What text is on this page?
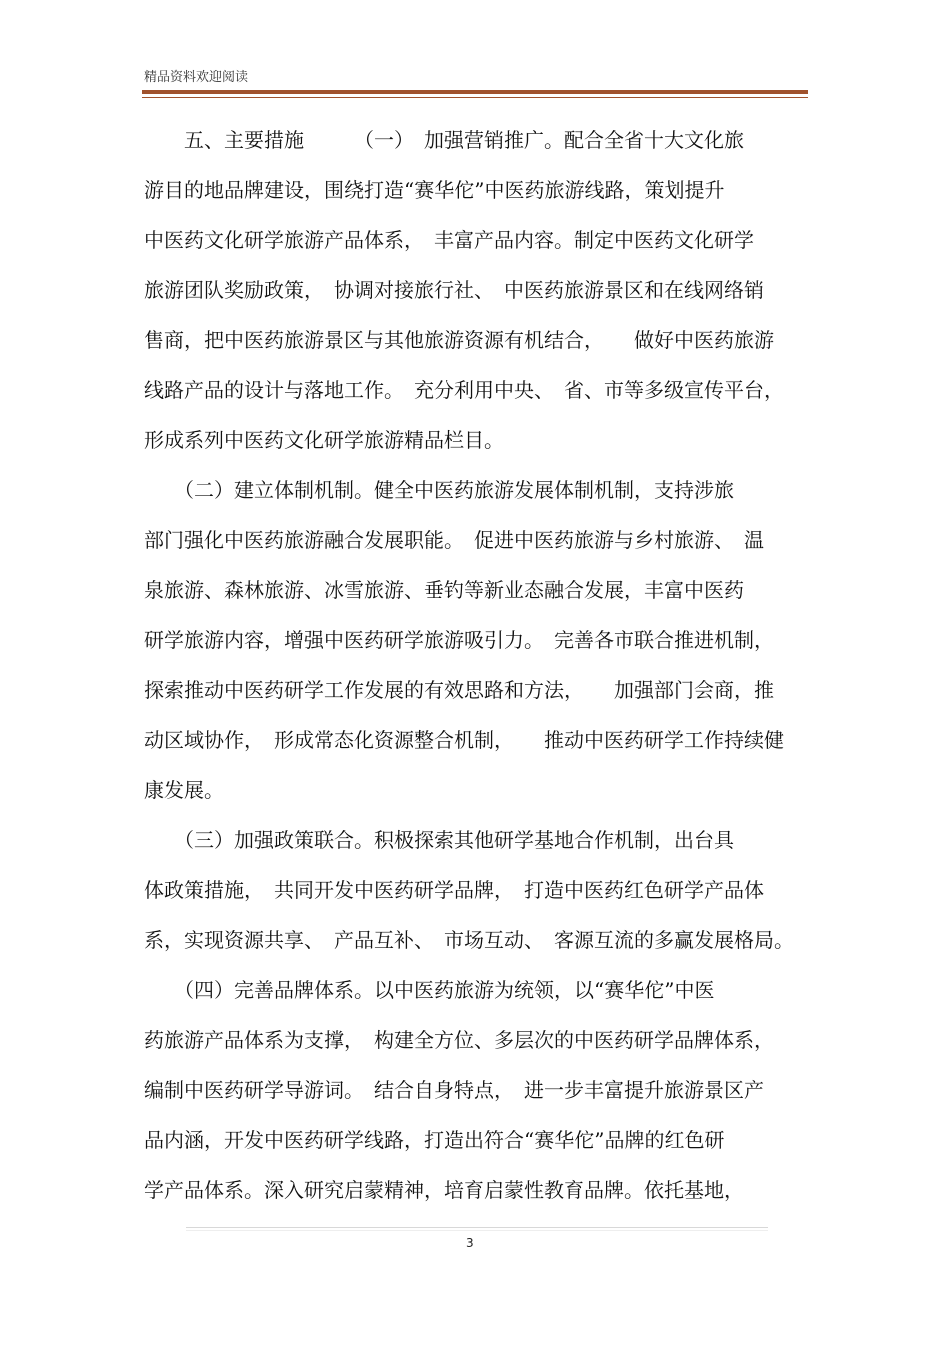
精品资料欢迎阅读
　　五、主要措施　　　（一）　加强营销推广。配合全省十大文化旅
游目的地品牌建设，围绕打造“赛华佗”中医药旅游线路，策划提升
中医药文化研学旅游产品体系，　丰富产品内容。制定中医药文化研学
旅游团队奖励政策，　协调对接旅行社、　中医药旅游景区和在线网络销
售商，把中医药旅游景区与其他旅游资源有机结合，　　做好中医药旅游
线路产品的设计与落地工作。　充分利用中央、　省、市等多级宣传平台，
形成系列中医药文化研学旅游精品栏目。
　　（二）建立体制机制。健全中医药旅游发展体制机制，支持涉旅
部门强化中医药旅游融合发展职能。　促进中医药旅游与乡村旅游、　温
泉旅游、森林旅游、冰雪旅游、垂钓等新业态融合发展，丰富中医药
研学旅游内容，增强中医药研学旅游吸引力。　完善各市联合推进机制，
探索推动中医药研学工作发展的有效思路和方法，　　加强部门会商，推
动区域协作，　形成常态化资源整合机制，　　推动中医药研学工作持续健
康发展。
　　（三）加强政策联合。积极探索其他研学基地合作机制，出台具
体政策措施，　共同开发中医药研学品牌，　打造中医药红色研学产品体
系，实现资源共享、　产品互补、　市场互动、　客源互流的多赢发展格局。
　　（四）完善品牌体系。以中医药旅游为统领，以“赛华佗”中医
药旅游产品体系为支撑，　构建全方位、多层次的中医药研学品牌体系，
编制中医药研学导游词。　结合自身特点，　进一步丰富提升旅游景区产
品内涵，开发中医药研学线路，打造出符合“赛华佗”品牌的红色研
学产品体系。深入研究启蒙精神，培育启蒙性教育品牌。依托基地，
3
